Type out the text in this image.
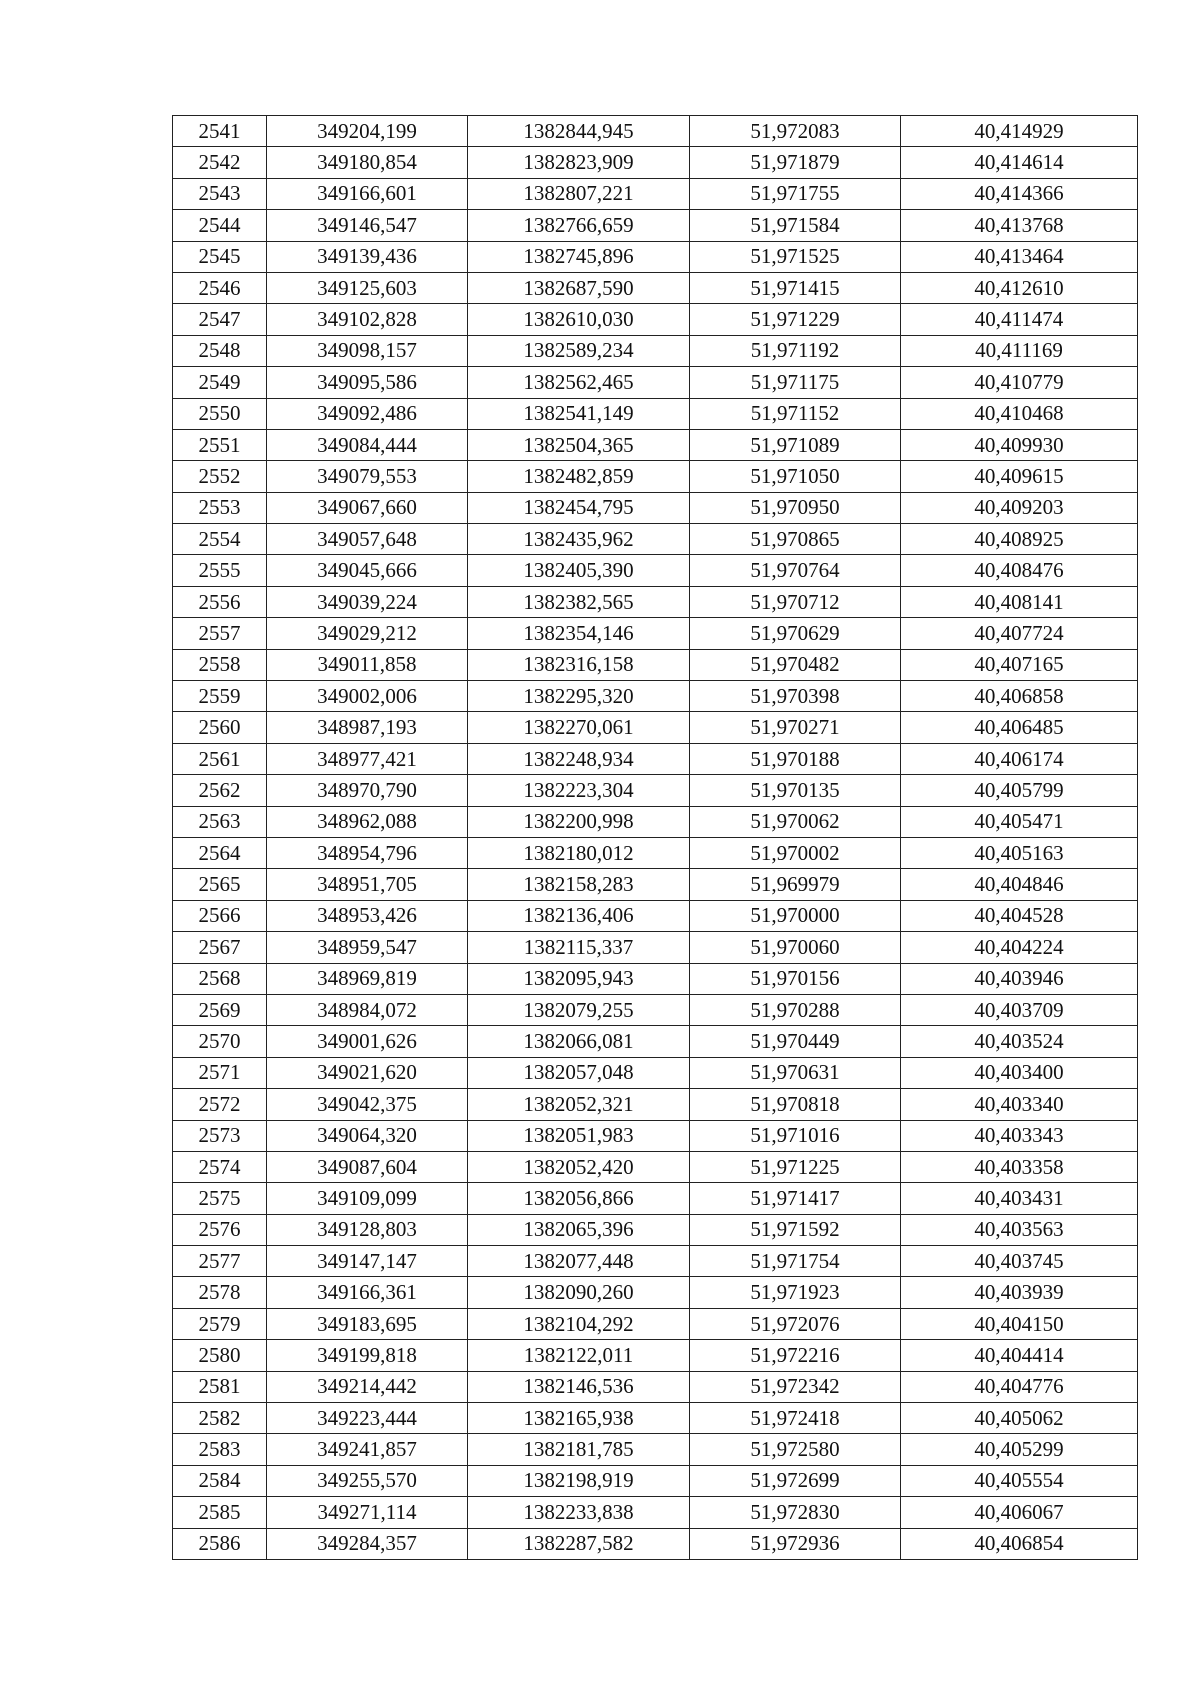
2541	349204,199	1382844,945	51,972083	40,414929
2542	349180,854	1382823,909	51,971879	40,414614
2543	349166,601	1382807,221	51,971755	40,414366
2544	349146,547	1382766,659	51,971584	40,413768
2545	349139,436	1382745,896	51,971525	40,413464
2546	349125,603	1382687,590	51,971415	40,412610
2547	349102,828	1382610,030	51,971229	40,411474
2548	349098,157	1382589,234	51,971192	40,411169
2549	349095,586	1382562,465	51,971175	40,410779
2550	349092,486	1382541,149	51,971152	40,410468
2551	349084,444	1382504,365	51,971089	40,409930
2552	349079,553	1382482,859	51,971050	40,409615
2553	349067,660	1382454,795	51,970950	40,409203
2554	349057,648	1382435,962	51,970865	40,408925
2555	349045,666	1382405,390	51,970764	40,408476
2556	349039,224	1382382,565	51,970712	40,408141
2557	349029,212	1382354,146	51,970629	40,407724
2558	349011,858	1382316,158	51,970482	40,407165
2559	349002,006	1382295,320	51,970398	40,406858
2560	348987,193	1382270,061	51,970271	40,406485
2561	348977,421	1382248,934	51,970188	40,406174
2562	348970,790	1382223,304	51,970135	40,405799
2563	348962,088	1382200,998	51,970062	40,405471
2564	348954,796	1382180,012	51,970002	40,405163
2565	348951,705	1382158,283	51,969979	40,404846
2566	348953,426	1382136,406	51,970000	40,404528
2567	348959,547	1382115,337	51,970060	40,404224
2568	348969,819	1382095,943	51,970156	40,403946
2569	348984,072	1382079,255	51,970288	40,403709
2570	349001,626	1382066,081	51,970449	40,403524
2571	349021,620	1382057,048	51,970631	40,403400
2572	349042,375	1382052,321	51,970818	40,403340
2573	349064,320	1382051,983	51,971016	40,403343
2574	349087,604	1382052,420	51,971225	40,403358
2575	349109,099	1382056,866	51,971417	40,403431
2576	349128,803	1382065,396	51,971592	40,403563
2577	349147,147	1382077,448	51,971754	40,403745
2578	349166,361	1382090,260	51,971923	40,403939
2579	349183,695	1382104,292	51,972076	40,404150
2580	349199,818	1382122,011	51,972216	40,404414
2581	349214,442	1382146,536	51,972342	40,404776
2582	349223,444	1382165,938	51,972418	40,405062
2583	349241,857	1382181,785	51,972580	40,405299
2584	349255,570	1382198,919	51,972699	40,405554
2585	349271,114	1382233,838	51,972830	40,406067
2586	349284,357	1382287,582	51,972936	40,406854
